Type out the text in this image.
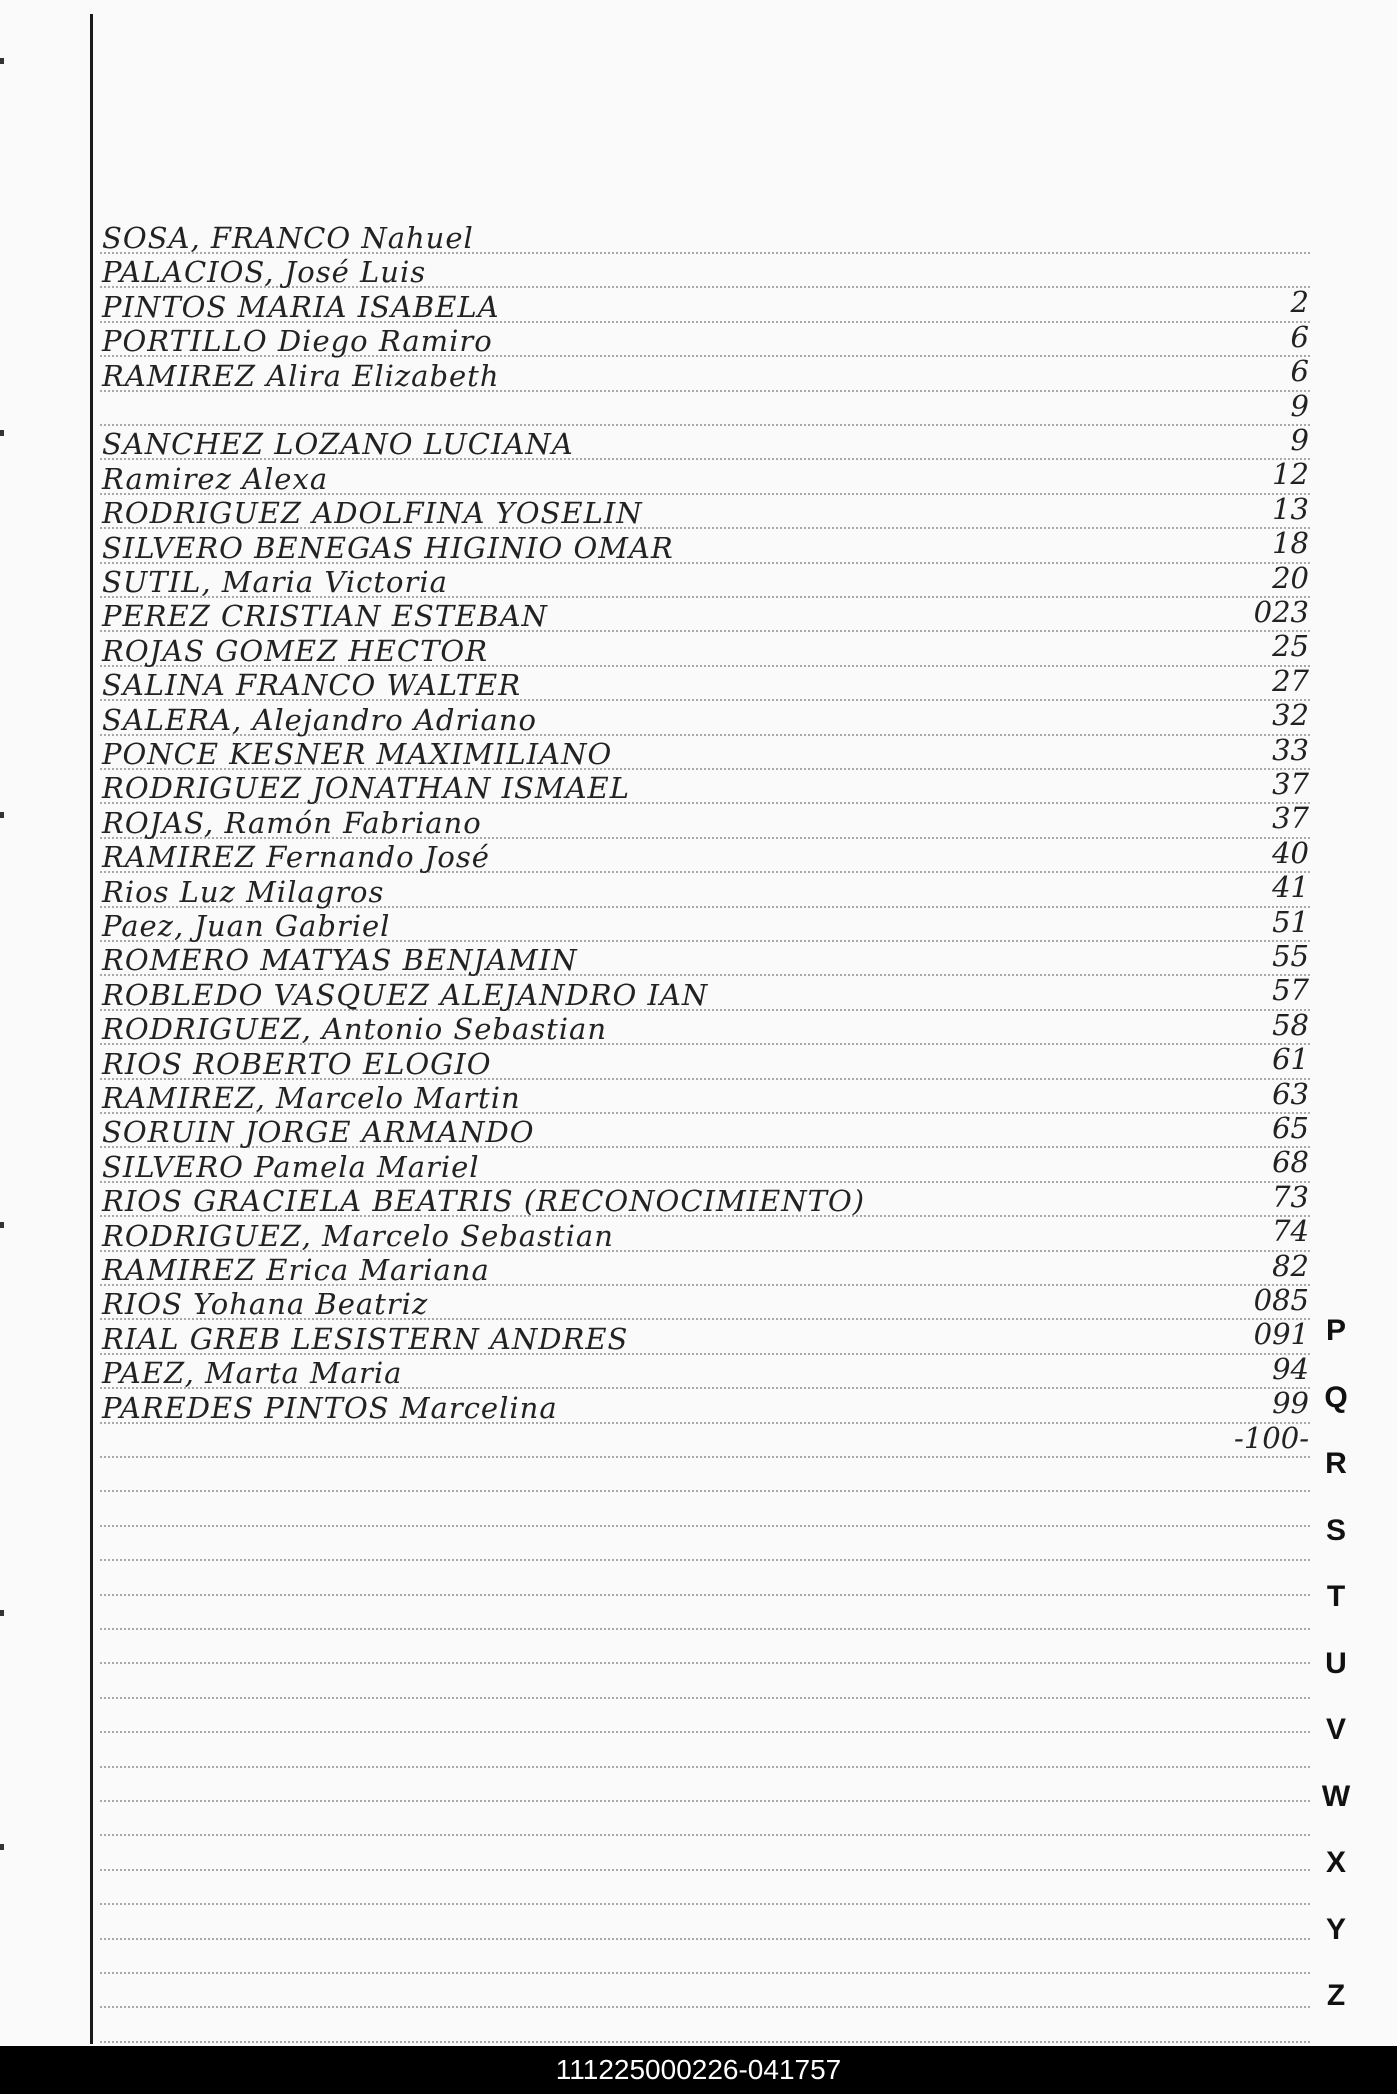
SOSA, FRANCO Nahuel
PALACIOS, José Luis
2
PINTOS MARIA ISABELA
6
PORTILLO Diego Ramiro
6
RAMIREZ Alira Elizabeth
9
9
SANCHEZ LOZANO LUCIANA
12
Ramirez Alexa
13
RODRIGUEZ ADOLFINA YOSELIN
18
SILVERO BENEGAS HIGINIO OMAR
20
SUTIL, Maria Victoria
023
PEREZ CRISTIAN ESTEBAN
25
ROJAS GOMEZ HECTOR
27
SALINA FRANCO WALTER
32
SALERA, Alejandro Adriano
33
PONCE KESNER MAXIMILIANO
37
RODRIGUEZ JONATHAN ISMAEL
37
ROJAS, Ramón Fabriano
40
RAMIREZ Fernando José
41
Rios Luz Milagros
51
Paez, Juan Gabriel
55
ROMERO MATYAS BENJAMIN
57
ROBLEDO VASQUEZ ALEJANDRO IAN
58
RODRIGUEZ, Antonio Sebastian
61
RIOS ROBERTO ELOGIO
63
RAMIREZ, Marcelo Martin
65
SORUIN JORGE ARMANDO
68
SILVERO Pamela Mariel
73
RIOS GRACIELA BEATRIS (RECONOCIMIENTO)
74
RODRIGUEZ, Marcelo Sebastian
82
RAMIREZ Erica Mariana
085
RIOS Yohana Beatriz
091
RIAL GREB LESISTERN ANDRES
94
PAEZ, Marta Maria
99
PAREDES PINTOS Marcelina
-100-
P
Q
R
S
T
U
V
W
X
Y
Z
111225000226-041757
